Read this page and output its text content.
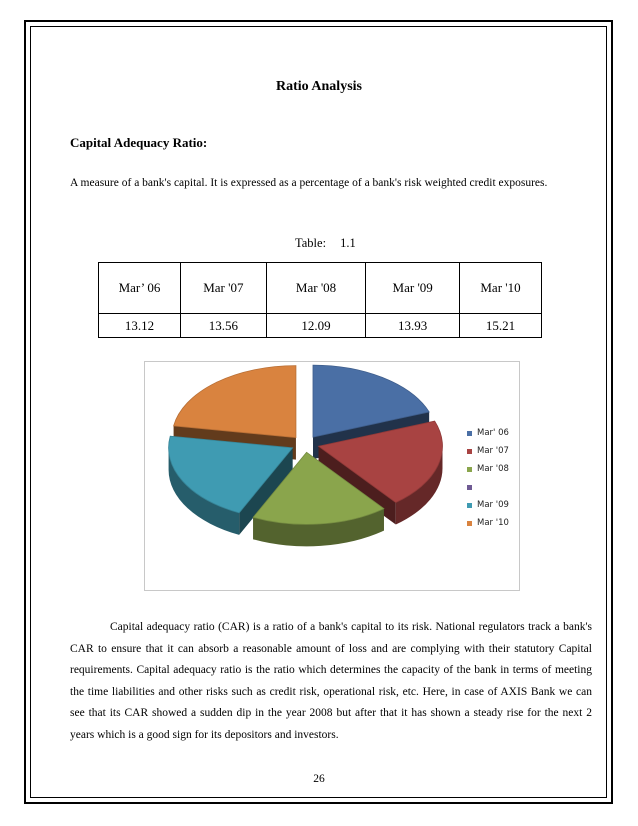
Ratio Analysis
Capital Adequacy Ratio:
A measure of a bank's capital. It is expressed as a percentage of a bank's risk weighted credit exposures.
Table: 1.1
Mar’ 06	Mar '07	Mar '08	Mar '09	Mar '10
13.12	13.56	12.09	13.93	15.21
Mar' 06
Mar '07
Mar '08
Mar '09
Mar '10

Capital adequacy ratio (CAR) is a ratio of a bank's capital to its risk. National regulators track a bank's CAR to ensure that it can absorb a reasonable amount of loss and are complying with their statutory Capital requirements. Capital adequacy ratio is the ratio which determines the capacity of the bank in terms of meeting the time liabilities and other risks such as credit risk, operational risk, etc. Here, in case of AXIS Bank we can see that its CAR showed a sudden dip in the year 2008 but after that it has shown a steady rise for the next 2 years which is a good sign for its depositors and investors.

26
